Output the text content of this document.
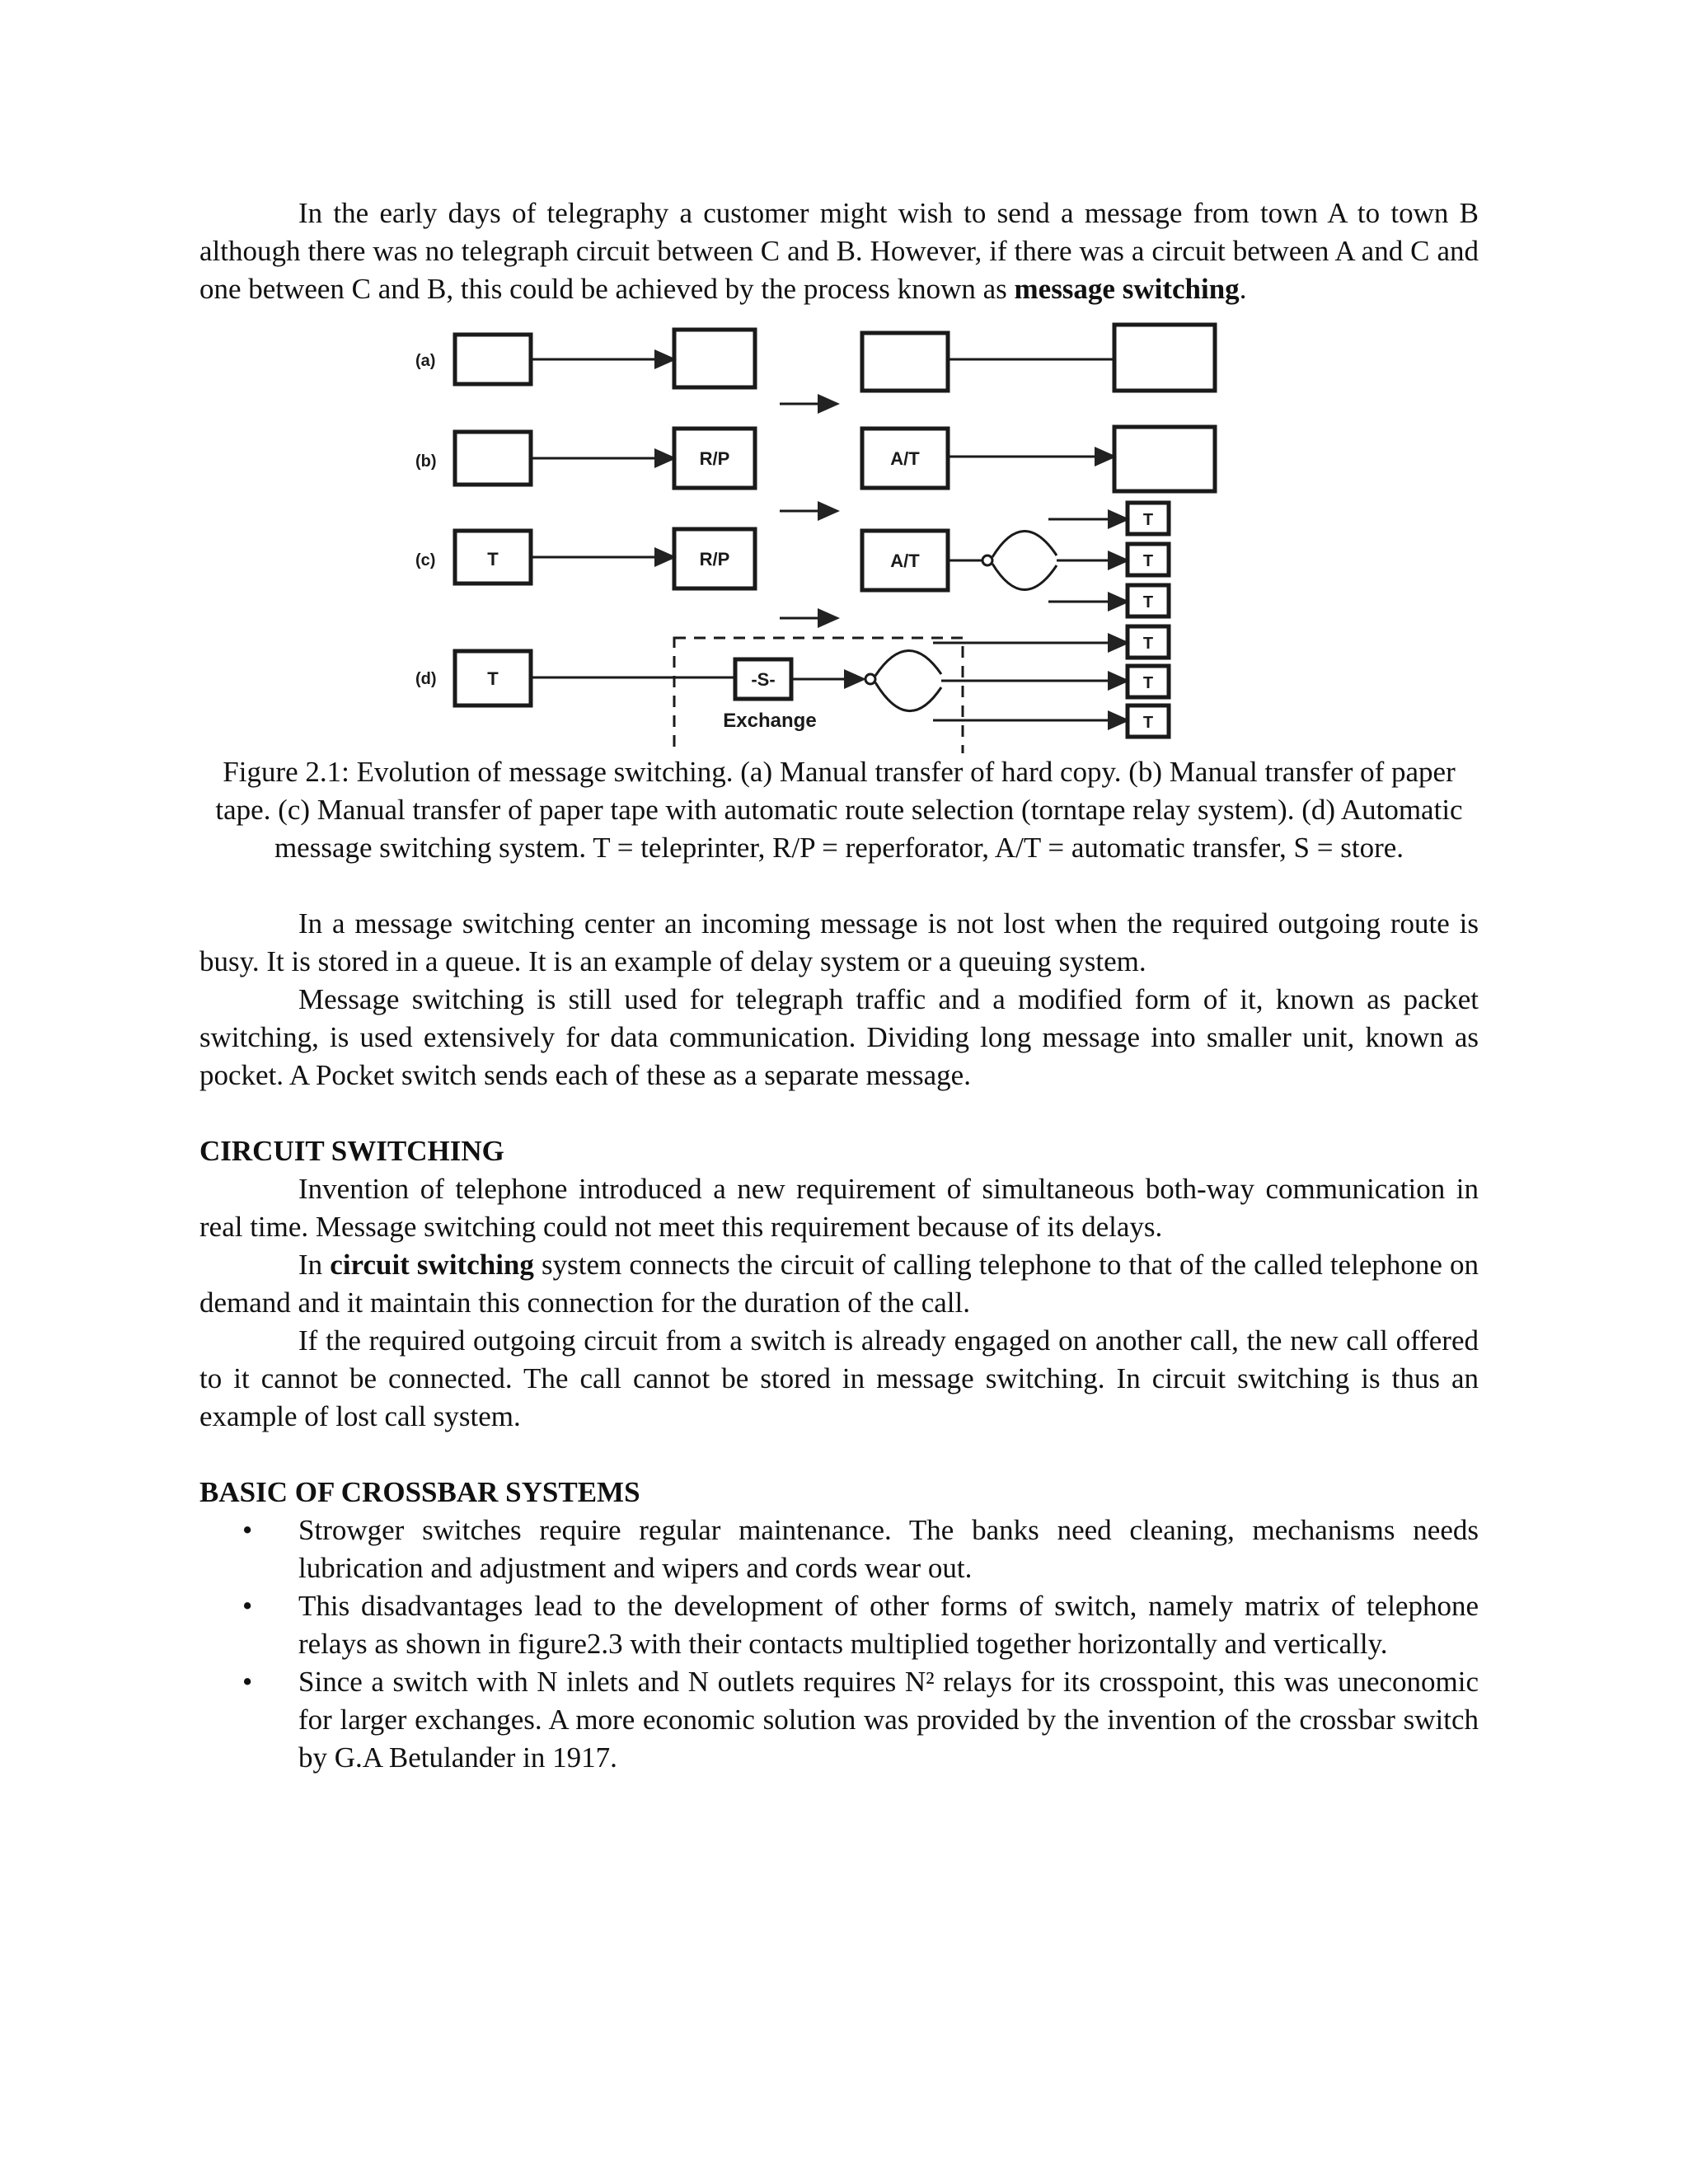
In the early days of telegraphy a customer might wish to send a message from town A to town B although there was no telegraph circuit between C and B. However, if there was a circuit between A and C and one between C and B, this could be achieved by the process known as message switching.

(a)
(b)
(c)
(d)
R/P	A/T
T	R/P	A/T
T
T
T
T	-S-
Exchange
T
T
T

Figure 2.1: Evolution of message switching. (a) Manual transfer of hard copy. (b) Manual transfer of paper tape. (c) Manual transfer of paper tape with automatic route selection (torntape relay system). (d) Automatic message switching system. T = teleprinter, R/P = reperforator, A/T = automatic transfer, S = store.

In a message switching center an incoming message is not lost when the required outgoing route is busy. It is stored in a queue. It is an example of delay system or a queuing system.

Message switching is still used for telegraph traffic and a modified form of it, known as packet switching, is used extensively for data communication. Dividing long message into smaller unit, known as pocket. A Pocket switch sends each of these as a separate message.

CIRCUIT SWITCHING

Invention of telephone introduced a new requirement of simultaneous both-way communication in real time. Message switching could not meet this requirement because of its delays.

In circuit switching system connects the circuit of calling telephone to that of the called telephone on demand and it maintain this connection for the duration of the call.

If the required outgoing circuit from a switch is already engaged on another call, the new call offered to it cannot be connected. The call cannot be stored in message switching. In circuit switching is thus an example of lost call system.

BASIC OF CROSSBAR SYSTEMS
• Strowger switches require regular maintenance. The banks need cleaning, mechanisms needs lubrication and adjustment and wipers and cords wear out.
• This disadvantages lead to the development of other forms of switch, namely matrix of telephone relays as shown in figure2.3 with their contacts multiplied together horizontally and vertically.
• Since a switch with N inlets and N outlets requires N² relays for its crosspoint, this was uneconomic for larger exchanges. A more economic solution was provided by the invention of the crossbar switch by G.A Betulander in 1917.
